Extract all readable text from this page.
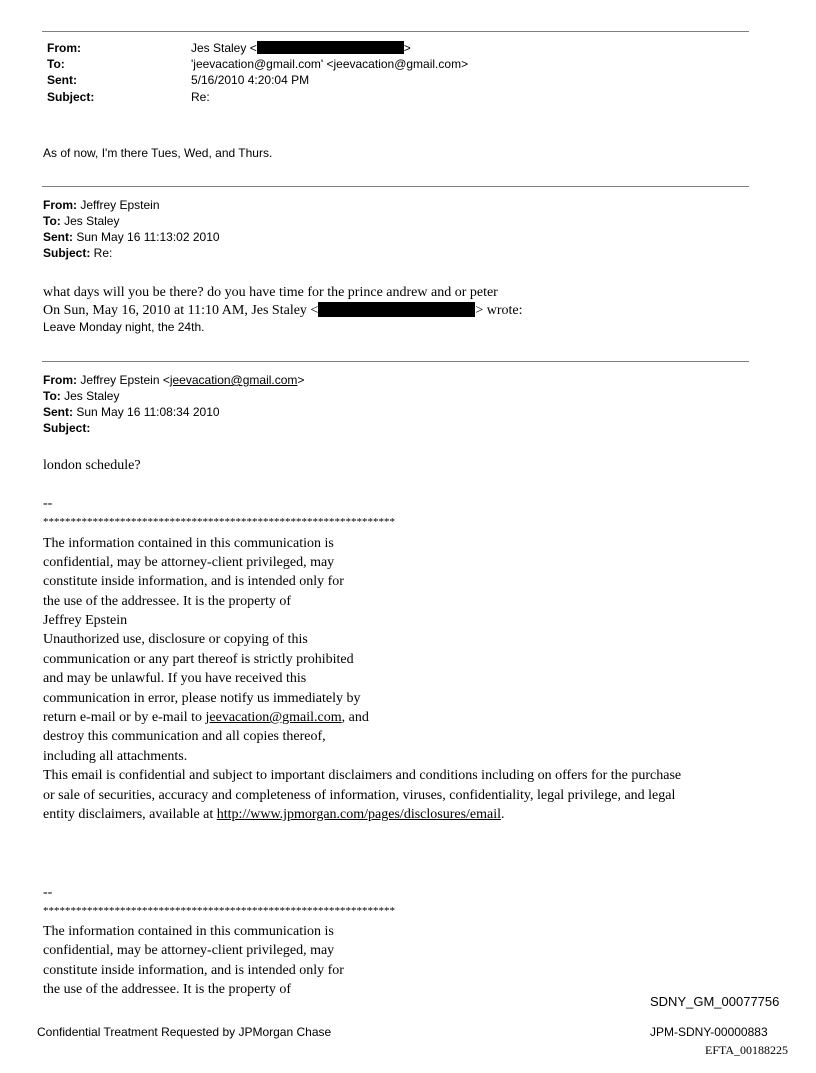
From:	Jes Staley <	>
To:	'jeevacation@gmail.com' <jeevacation@gmail.com>
Sent:	5/16/2010 4:20:04 PM
Subject:	Re:
As of now, I'm there Tues, Wed, and Thurs.
From: Jeffrey Epstein
To: Jes Staley
Sent: Sun May 16 11:13:02 2010
Subject: Re:
what days will you be there? do you have time for the prince andrew and or peter
On Sun, May 16, 2010 at 11:10 AM, Jes Staley <	> wrote:
Leave Monday night, the 24th.
From: Jeffrey Epstein <jeevacation@gmail.com>
To: Jes Staley
Sent: Sun May 16 11:08:34 2010
Subject:
london schedule?
--
****************************************************************
The information contained in this communication is
confidential, may be attorney-client privileged, may
constitute inside information, and is intended only for
the use of the addressee. It is the property of
Jeffrey Epstein
Unauthorized use, disclosure or copying of this
communication or any part thereof is strictly prohibited
and may be unlawful. If you have received this
communication in error, please notify us immediately by
return e-mail or by e-mail to jeevacation@gmail.com, and
destroy this communication and all copies thereof,
including all attachments.
This email is confidential and subject to important disclaimers and conditions including on offers for the purchase
or sale of securities, accuracy and completeness of information, viruses, confidentiality, legal privilege, and legal
entity disclaimers, available at http://www.jpmorgan.com/pages/disclosures/email.
--
****************************************************************
The information contained in this communication is
confidential, may be attorney-client privileged, may
constitute inside information, and is intended only for
the use of the addressee. It is the property of
SDNY_GM_00077756
Confidential Treatment Requested by JPMorgan Chase	JPM-SDNY-00000883
EFTA_00188225
